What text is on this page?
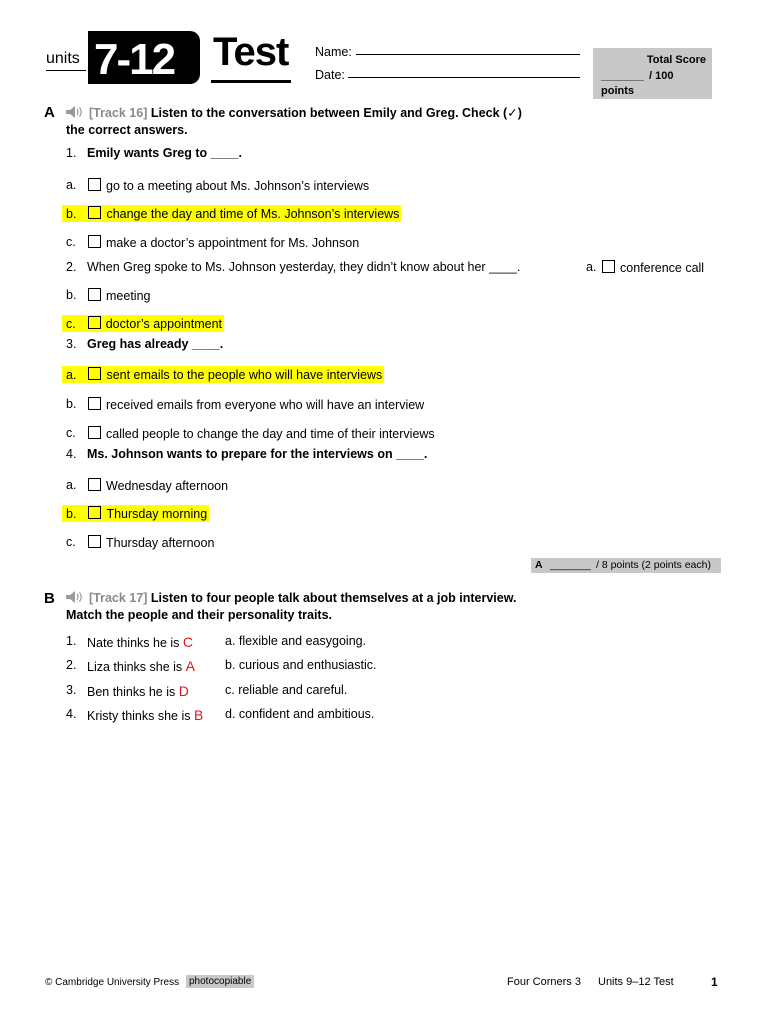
units 7-12 Test Name:
Date:
Total Score
_______ / 100
points
A	[Track 16] Listen to the conversation between Emily and Greg. Check (✓)
the correct answers.
1. Emily wants Greg to ____.
a.	go to a meeting about Ms. Johnson’s interviews
b. change the day and time of Ms. Johnson’s interviews
c.	make a doctor’s appointment for Ms. Johnson
2. When Greg spoke to Ms. Johnson yesterday, they didn’t know about her ____.	a.	conference call
b.	meeting
c. doctor’s appointment
3. Greg has already ____.
a. sent emails to the people who will have interviews
b.	received emails from everyone who will have an interview
c.	called people to change the day and time of their interviews
4. Ms. Johnson wants to prepare for the interviews on ____.
a.	Wednesday afternoon
b. Thursday morning
c.	Thursday afternoon
A _______ / 8 points (2 points each)
B	[Track 17] Listen to four people talk about themselves at a job interview.
Match the people and their personality traits.
1. Nate thinks he is C	a. flexible and easygoing.
2. Liza thinks she is A b. curious and enthusiastic.
3. Ben thinks he is D	c. reliable and careful.
4. Kristy thinks she is B d. confident and ambitious.
© Cambridge University Press photocopiable	Four Corners 3 Units 9–12 Test	1
